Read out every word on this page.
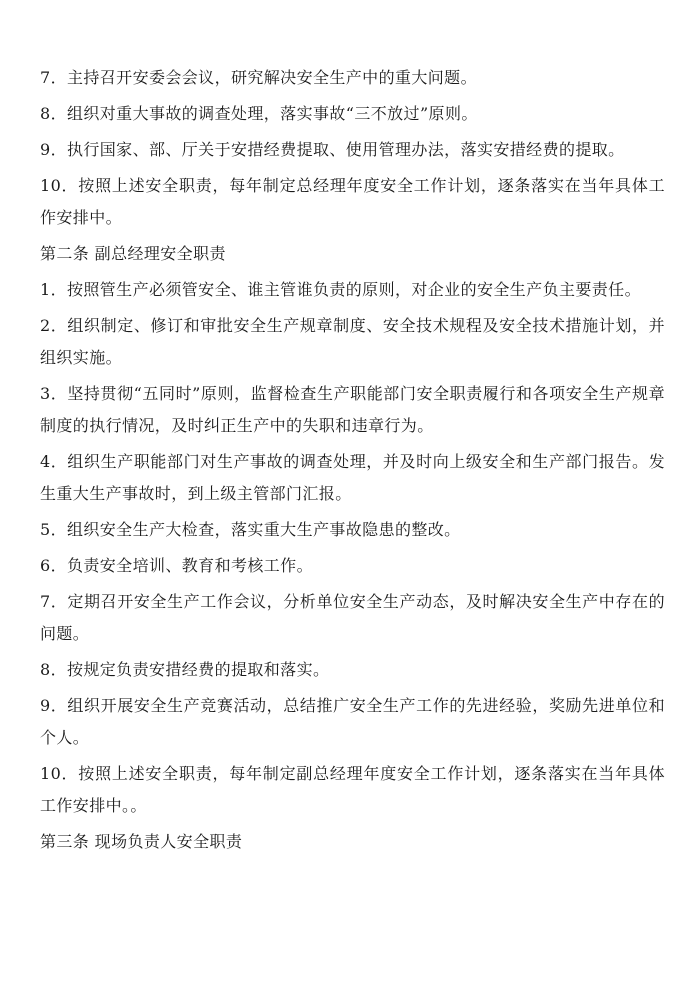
7．主持召开安委会会议，研究解决安全生产中的重大问题。

8．组织对重大事故的调查处理，落实事故“三不放过”原则。

9．执行国家、部、厅关于安措经费提取、使用管理办法，落实安措经费的提取。

10．按照上述安全职责，每年制定总经理年度安全工作计划，逐条落实在当年具体工作安排中。

第二条 副总经理安全职责

1．按照管生产必须管安全、谁主管谁负责的原则，对企业的安全生产负主要责任。

2．组织制定、修订和审批安全生产规章制度、安全技术规程及安全技术措施计划，并组织实施。

3．坚持贯彻“五同时”原则，监督检查生产职能部门安全职责履行和各项安全生产规章制度的执行情况，及时纠正生产中的失职和违章行为。

4．组织生产职能部门对生产事故的调查处理，并及时向上级安全和生产部门报告。发生重大生产事故时，到上级主管部门汇报。

5．组织安全生产大检查，落实重大生产事故隐患的整改。

6．负责安全培训、教育和考核工作。

7．定期召开安全生产工作会议，分析单位安全生产动态，及时解决安全生产中存在的问题。

8．按规定负责安措经费的提取和落实。

9．组织开展安全生产竞赛活动，总结推广安全生产工作的先进经验，奖励先进单位和个人。

10．按照上述安全职责，每年制定副总经理年度安全工作计划，逐条落实在当年具体工作安排中。。

第三条 现场负责人安全职责
